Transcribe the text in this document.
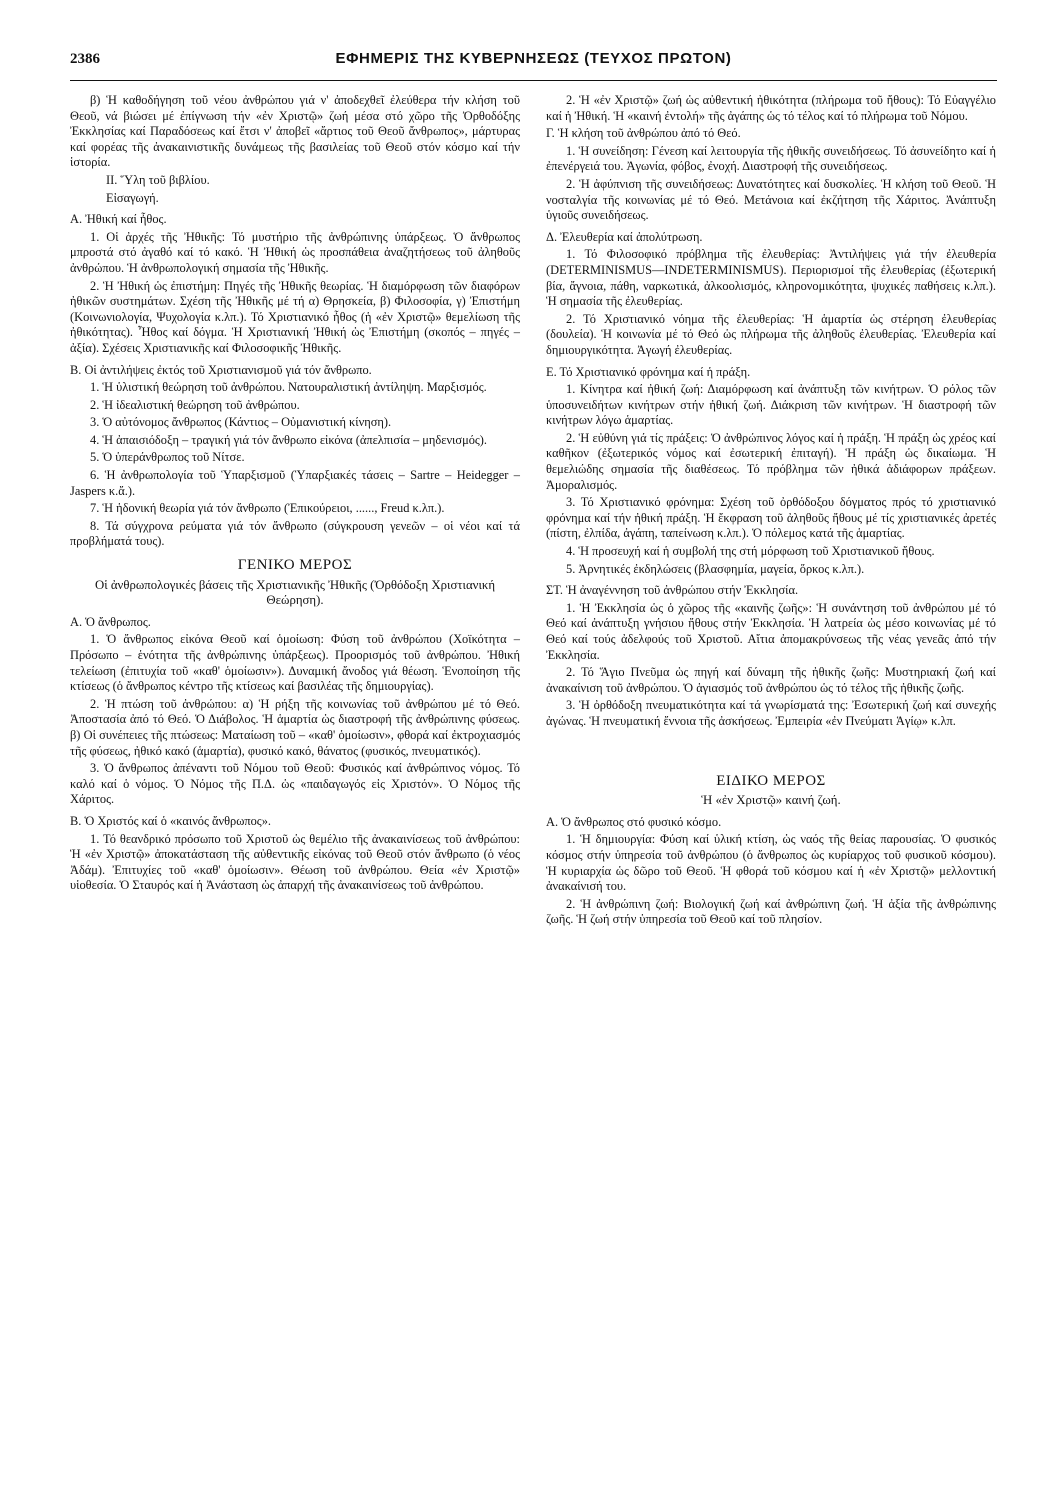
2386	ΕΦΗΜΕΡΙΣ ΤΗΣ ΚΥΒΕΡΝΗΣΕΩΣ (ΤΕΥΧΟΣ ΠΡΩΤΟΝ)

β) Ἡ καθοδήγηση τοῦ νέου ἀνθρώπου γιά ν' ἀποδεχθεῖ ἐλεύθερα τήν κλήση τοῦ Θεοῦ, νά βιώσει μέ ἐπίγνωση τήν «ἐν Χριστῷ» ζωή μέσα στό χῶρο τῆς Ὀρθοδόξης Ἐκκλησίας καί Παραδόσεως καί ἔτσι ν' ἀποβεῖ «ἄρτιος τοῦ Θεοῦ ἄνθρωπος», μάρτυρας καί φορέας τῆς ἀνακαινιστικῆς δυνάμεως τῆς βασιλείας τοῦ Θεοῦ στόν κόσμο καί τήν ἱστορία.

ΙΙ. Ὕλη τοῦ βιβλίου.

Εἰσαγωγή.

Α. Ἠθική καί ἦθος.

1. Οἱ ἀρχές τῆς Ἠθικῆς: Τό μυστήριο τῆς ἀνθρώπινης ὑπάρξεως. Ὁ ἄνθρωπος μπροστά στό ἀγαθό καί τό κακό. Ἡ Ἠθική ὡς προσπάθεια ἀναζητήσεως τοῦ ἀληθοῦς ἀνθρώπου. Ἡ ἀνθρωπολογική σημασία τῆς Ἠθικῆς.

2. Ἡ Ἠθική ὡς ἐπιστήμη: Πηγές τῆς Ἠθικῆς θεωρίας. Ἡ διαμόρφωση τῶν διαφόρων ἠθικῶν συστημάτων. Σχέση τῆς Ἠθικῆς μέ τή α) Θρησκεία, β) Φιλοσοφία, γ) Ἐπιστήμη (Κοινωνιολογία, Ψυχολογία κ.λπ.). Τό Χριστιανικό ἦθος (ἡ «ἐν Χριστῷ» θεμελίωση τῆς ἠθικότητας). Ἦθος καί δόγμα. Ἡ Χριστιανική Ἠθική ὡς Ἐπιστήμη (σκοπός – πηγές – ἀξία). Σχέσεις Χριστιανικῆς καί Φιλοσοφικῆς Ἠθικῆς.

Β. Οἱ ἀντιλήψεις ἐκτός τοῦ Χριστιανισμοῦ γιά τόν ἄνθρωπο.

1. Ἡ ὑλιστική θεώρηση τοῦ ἀνθρώπου. Νατουραλιστική ἀντίληψη. Μαρξισμός.

2. Ἡ ἰδεαλιστική θεώρηση τοῦ ἀνθρώπου.

3. Ὁ αὐτόνομος ἄνθρωπος (Κάντιος – Οὐμανιστική κίνηση).

4. Ἡ ἀπαισιόδοξη – τραγική γιά τόν ἄνθρωπο εἰκόνα (ἀπελπισία – μηδενισμός).

5. Ὁ ὑπεράνθρωπος τοῦ Νίτσε.

6. Ἡ ἀνθρωπολογία τοῦ Ὑπαρξισμοῦ (Ὑπαρξιακές τάσεις – Sartre – Heidegger – Jaspers κ.ἄ.).

7. Ἡ ἡδονική θεωρία γιά τόν ἄνθρωπο (Ἐπικούρειοι, ......, Freud κ.λπ.).

8. Τά σύγχρονα ρεύματα γιά τόν ἄνθρωπο (σύγκρουση γενεῶν – οἱ νέοι καί τά προβλήματά τους).

ΓΕΝΙΚΟ ΜΕΡΟΣ
Οἱ ἀνθρωπολογικές βάσεις τῆς Χριστιανικῆς Ἠθικῆς (Ὀρθόδοξη Χριστιανική Θεώρηση).

Α. Ὁ ἄνθρωπος.

1. Ὁ ἄνθρωπος εἰκόνα Θεοῦ καί ὁμοίωση: Φύση τοῦ ἀνθρώπου (Χοϊκότητα – Πρόσωπο – ἑνότητα τῆς ἀνθρώπινης ὑπάρξεως). Προορισμός τοῦ ἀνθρώπου. Ἠθική τελείωση (ἐπιτυχία τοῦ «καθ' ὁμοίωσιν»). Δυναμική ἄνοδος γιά θέωση. Ἑνοποίηση τῆς κτίσεως (ὁ ἄνθρωπος κέντρο τῆς κτίσεως καί βασιλέας τῆς δημιουργίας).

2. Ἡ πτώση τοῦ ἀνθρώπου: α) Ἡ ρήξη τῆς κοινωνίας τοῦ ἀνθρώπου μέ τό Θεό. Ἀποστασία ἀπό τό Θεό. Ὁ Διάβολος. Ἡ ἁμαρτία ὡς διαστροφή τῆς ἀνθρώπινης φύσεως. β) Οἱ συνέπειες τῆς πτώσεως: Ματαίωση τοῦ – «καθ' ὁμοίωσιν», φθορά καί ἐκτροχιασμός τῆς φύσεως, ἠθικό κακό (ἁμαρτία), φυσικό κακό, θάνατος (φυσικός, πνευματικός).

3. Ὁ ἄνθρωπος ἀπέναντι τοῦ Νόμου τοῦ Θεοῦ: Φυσικός καί ἀνθρώπινος νόμος. Τό καλό καί ὁ νόμος. Ὁ Νόμος τῆς Π.Δ. ὡς «παιδαγωγός εἰς Χριστόν». Ὁ Νόμος τῆς Χάριτος.

Β. Ὁ Χριστός καί ὁ «καινός ἄνθρωπος».

1. Τό θεανδρικό πρόσωπο τοῦ Χριστοῦ ὡς θεμέλιο τῆς ἀνακαινίσεως τοῦ ἀνθρώπου: Ἡ «ἐν Χριστῷ» ἀποκατάσταση τῆς αὐθεντικῆς εἰκόνας τοῦ Θεοῦ στόν ἄνθρωπο (ὁ νέος Ἀδάμ). Ἐπιτυχίες τοῦ «καθ' ὁμοίωσιν». Θέωση τοῦ ἀνθρώπου. Θεία «ἐν Χριστῷ» υἱοθεσία. Ὁ Σταυρός καί ἡ Ἀνάσταση ὡς ἀπαρχή τῆς ἀνακαινίσεως τοῦ ἀνθρώπου.

2. Ἡ «ἐν Χριστῷ» ζωή ὡς αὐθεντική ἠθικότητα (πλήρωμα τοῦ ἤθους): Τό Εὐαγγέλιο καί ἡ Ἠθική. Ἡ «καινή ἐντολή» τῆς ἀγάπης ὡς τό τέλος καί τό πλήρωμα τοῦ Νόμου.

Γ. Ἡ κλήση τοῦ ἀνθρώπου ἀπό τό Θεό.

1. Ἡ συνείδηση: Γένεση καί λειτουργία τῆς ἠθικῆς συνειδήσεως. Τό ἀσυνείδητο καί ἡ ἐπενέργειά του. Ἀγωνία, φόβος, ἐνοχή. Διαστροφή τῆς συνειδήσεως.

2. Ἡ ἀφύπνιση τῆς συνειδήσεως: Δυνατότητες καί δυσκολίες. Ἡ κλήση τοῦ Θεοῦ. Ἡ νοσταλγία τῆς κοινωνίας μέ τό Θεό. Μετάνοια καί ἐκζήτηση τῆς Χάριτος. Ἀνάπτυξη ὑγιοῦς συνειδήσεως.

Δ. Ἐλευθερία καί ἀπολύτρωση.

1. Τό Φιλοσοφικό πρόβλημα τῆς ἐλευθερίας: Ἀντιλήψεις γιά τήν ἐλευθερία (DETERMINISMUS—INDETERMINISMUS). Περιορισμοί τῆς ἐλευθερίας (ἐξωτερική βία, ἄγνοια, πάθη, ναρκωτικά, ἀλκοολισμός, κληρονομικότητα, ψυχικές παθήσεις κ.λπ.). Ἡ σημασία τῆς ἐλευθερίας.

2. Τό Χριστιανικό νόημα τῆς ἐλευθερίας: Ἡ ἁμαρτία ὡς στέρηση ἐλευθερίας (δουλεία). Ἡ κοινωνία μέ τό Θεό ὡς πλήρωμα τῆς ἀληθοῦς ἐλευθερίας. Ἐλευθερία καί δημιουργικότητα. Ἀγωγή ἐλευθερίας.

Ε. Τό Χριστιανικό φρόνημα καί ἡ πράξη.

1. Κίνητρα καί ἠθική ζωή: Διαμόρφωση καί ἀνάπτυξη τῶν κινήτρων. Ὁ ρόλος τῶν ὑποσυνειδήτων κινήτρων στήν ἠθική ζωή. Διάκριση τῶν κινήτρων. Ἡ διαστροφή τῶν κινήτρων λόγω ἁμαρτίας.

2. Ἡ εὐθύνη γιά τίς πράξεις: Ὁ ἀνθρώπινος λόγος καί ἡ πράξη. Ἡ πράξη ὡς χρέος καί καθῆκον (ἐξωτερικός νόμος καί ἐσωτερική ἐπιταγή). Ἡ πράξη ὡς δικαίωμα. Ἡ θεμελιώδης σημασία τῆς διαθέσεως. Τό πρόβλημα τῶν ἠθικά ἀδιάφορων πράξεων. Ἀμοραλισμός.

3. Τό Χριστιανικό φρόνημα: Σχέση τοῦ ὀρθόδοξου δόγματος πρός τό χριστιανικό φρόνημα καί τήν ἠθική πράξη. Ἡ ἔκφραση τοῦ ἀληθοῦς ἤθους μέ τίς χριστιανικές ἀρετές (πίστη, ἐλπίδα, ἀγάπη, ταπείνωση κ.λπ.). Ὁ πόλεμος κατά τῆς ἁμαρτίας.

4. Ἡ προσευχή καί ἡ συμβολή της στή μόρφωση τοῦ Χριστιανικοῦ ἤθους.

5. Ἀρνητικές ἐκδηλώσεις (βλασφημία, μαγεία, ὅρκος κ.λπ.).

ΣΤ. Ἡ ἀναγέννηση τοῦ ἀνθρώπου στήν Ἐκκλησία.

1. Ἡ Ἐκκλησία ὡς ὁ χῶρος τῆς «καινῆς ζωῆς»: Ἡ συνάντηση τοῦ ἀνθρώπου μέ τό Θεό καί ἀνάπτυξη γνήσιου ἤθους στήν Ἐκκλησία. Ἡ λατρεία ὡς μέσο κοινωνίας μέ τό Θεό καί τούς ἀδελφούς τοῦ Χριστοῦ. Αἴτια ἀπομακρύνσεως τῆς νέας γενεᾶς ἀπό τήν Ἐκκλησία.

2. Τό Ἅγιο Πνεῦμα ὡς πηγή καί δύναμη τῆς ἠθικῆς ζωῆς: Μυστηριακή ζωή καί ἀνακαίνιση τοῦ ἀνθρώπου. Ὁ ἁγιασμός τοῦ ἀνθρώπου ὡς τό τέλος τῆς ἠθικῆς ζωῆς.

3. Ἡ ὀρθόδοξη πνευματικότητα καί τά γνωρίσματά της: Ἐσωτερική ζωή καί συνεχής ἀγώνας. Ἡ πνευματική ἔννοια τῆς ἀσκήσεως. Ἐμπειρία «ἐν Πνεύματι Ἁγίῳ» κ.λπ.

ΕΙΔΙΚΟ ΜΕΡΟΣ
Ἡ «ἐν Χριστῷ» καινή ζωή.

Α. Ὁ ἄνθρωπος στό φυσικό κόσμο.

1. Ἡ δημιουργία: Φύση καί ὑλική κτίση, ὡς ναός τῆς θείας παρουσίας. Ὁ φυσικός κόσμος στήν ὑπηρεσία τοῦ ἀνθρώπου (ὁ ἄνθρωπος ὡς κυρίαρχος τοῦ φυσικοῦ κόσμου). Ἡ κυριαρχία ὡς δῶρο τοῦ Θεοῦ. Ἡ φθορά τοῦ κόσμου καί ἡ «ἐν Χριστῷ» μελλοντική ἀνακαίνισή του.

2. Ἡ ἀνθρώπινη ζωή: Βιολογική ζωή καί ἀνθρώπινη ζωή. Ἡ ἀξία τῆς ἀνθρώπινης ζωῆς. Ἡ ζωή στήν ὑπηρεσία τοῦ Θεοῦ καί τοῦ πλησίον.
